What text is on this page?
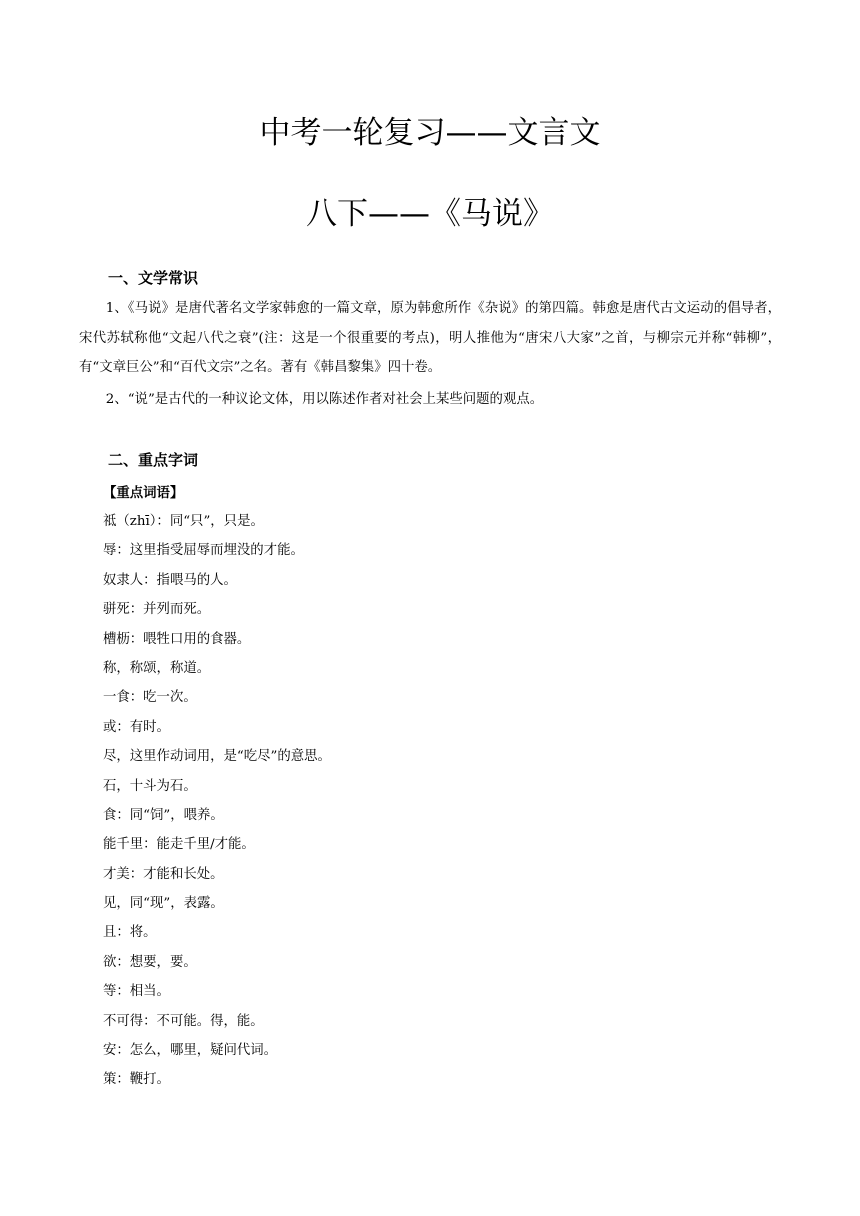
中考一轮复习——文言文
八下——《马说》
一、文学常识

1、《马说》是唐代著名文学家韩愈的一篇文章，原为韩愈所作《杂说》的第四篇。韩愈是唐代古文运动的倡导者，宋代苏轼称他“文起八代之衰”(注：这是一个很重要的考点)，明人推他为“唐宋八大家”之首，与柳宗元并称“韩柳”，有“文章巨公”和“百代文宗”之名。著有《韩昌黎集》四十卷。

2、“说”是古代的一种议论文体，用以陈述作者对社会上某些问题的观点。

二、重点字词

【重点词语】

祗（zhī）：同“只”，只是。
辱：这里指受屈辱而埋没的才能。
奴隶人：指喂马的人。
骈死：并列而死。
槽枥：喂牲口用的食器。
称，称颂，称道。
一食：吃一次。
或：有时。
尽，这里作动词用，是“吃尽”的意思。
石，十斗为石。
食：同“饲”，喂养。
能千里：能走千里/才能。
才美：才能和长处。
见，同“现”，表露。
且：将。
欲：想要，要。
等：相当。
不可得：不可能。得，能。
安：怎么，哪里，疑问代词。
策：鞭打。
